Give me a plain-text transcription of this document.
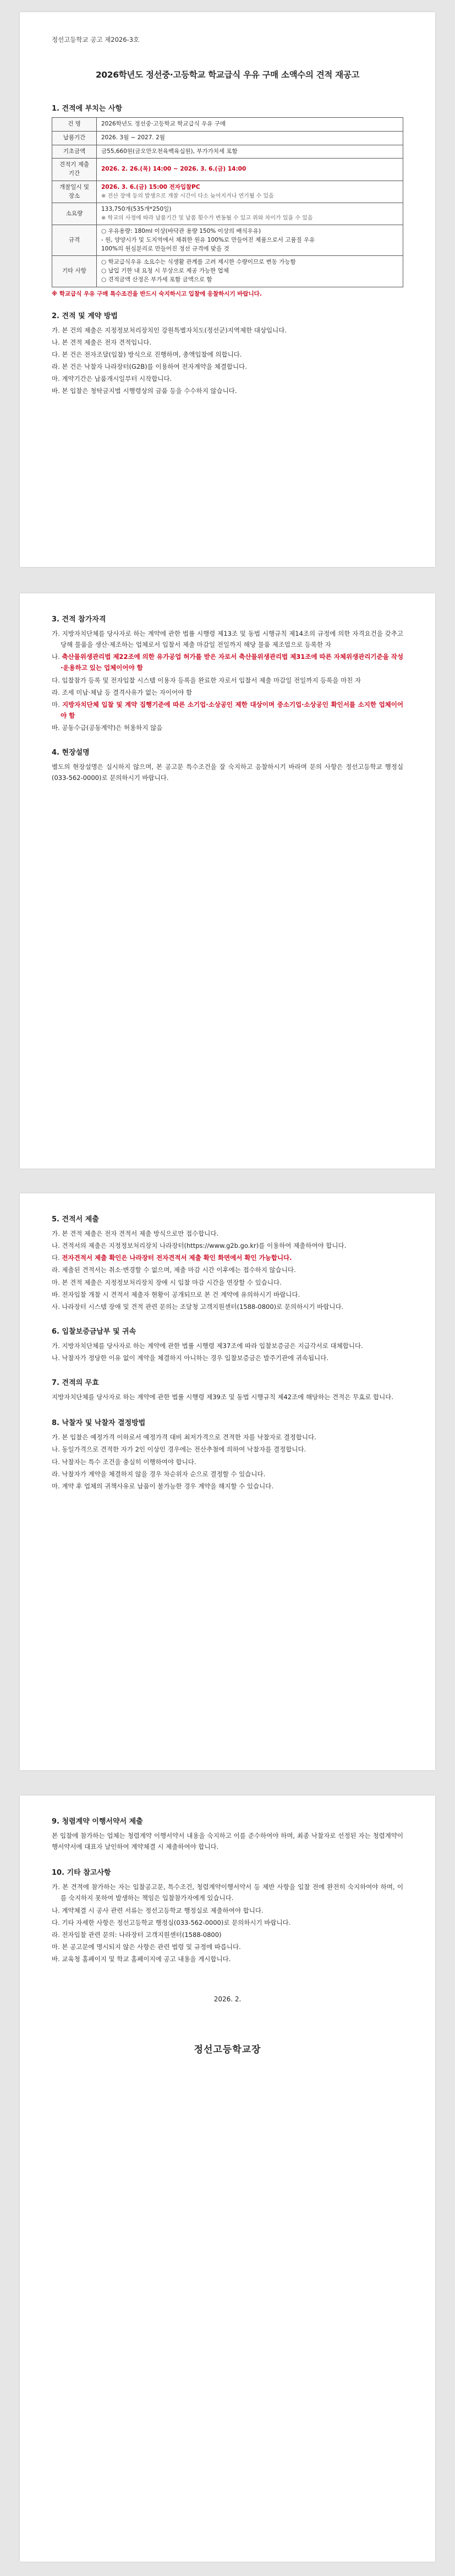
정선고등학교 공고 제2026-3호
2026학년도 정선중·고등학교 학교급식 우유 구매 소액수의 견적 재공고
1. 견적에 부치는 사항
건 명	2026학년도 정선중·고등학교 학교급식 우유 구매
납품기간	2026. 3월 ~ 2027. 2월
기초금액	금55,660원(금오만오천육백육십원), 부가가치세 포함
견적기 제출기간	2026. 2. 26.(목) 14:00 ~ 2026. 3. 6.(금) 14:00
개찰일시 및 장소	2026. 3. 6.(금) 15:00 전자입찰PC
※ 전산 장애 등의 발생으로 개찰 시간이 다소 늦어지거나 연기될 수 있음

소요량	133,750개(535개*250일)
※ 학교의 사정에 따라 납품기간 및 납품 횟수가 변동될 수 있고 위와 차이가 있을 수 있음

규격	○ 우유용량: 180ml 이상(바닥관 용량 150% 이상의 배식우유)
- 원, 양양시가 및 도지역에서 채취한 원유 100%로 만들어진 제품으로서 고품질 우유
100%의 원심분리로 만들어진 정선 규격에 맞을 것

기타 사항	○ 학교급식우유 소요수는 식생활 관계를 고려 제시한 수량이므로 변동 가능함
○ 납입 기한 내 요청 시 무상으로 제공 가능한 업체
○ 견적금액 산정은 부가세 포함 금액으로 함
※ 학교급식 우유 구매 특수조건을 반드시 숙지하시고 입찰에 응찰하시기 바랍니다.
2. 견적 및 계약 방법
가. 본 건의 제출은 지정정보처리장치인 강원특별자치도(정선군)지역제한 대상입니다.
나. 본 견적 제출은 전자 견적입니다.
다. 본 건은 전자조달(입찰) 방식으로 진행하며, 총액입찰에 의합니다.
라. 본 건은 낙찰자 나라장터(G2B)를 이용하여 전자계약을 체결합니다.
마. 계약기간은 납품개시일부터 시작합니다.
바. 본 입찰은 청탁금지법 시행령상의 금품 등을 수수하지 않습니다.
3. 견적 참가자격
가. 지방자치단체를 당사자로 하는 계약에 관한 법률 시행령 제13조 및 동법 시행규칙 제14조의 규정에 의한 자격요건을 갖추고 당해 물품을 생산·제조하는 업체로서 입찰서 제출 마감일 전일까지 해당 물품 제조업으로 등록한 자
나. 축산물위생관리법 제22조에 의한 유가공업 허가를 받은 자로서 축산물위생관리법 제31조에 따른 자체위생관리기준을 작성·운용하고 있는 업체이어야 함
다. 입찰참가 등록 및 전자입찰 시스템 이용자 등록을 완료한 자로서 입찰서 제출 마감일 전일까지 등록을 마친 자
라. 조세 미납·체납 등 결격사유가 없는 자이어야 함
마. 지방자치단체 입찰 및 계약 집행기준에 따른 소기업·소상공인 제한 대상이며 중소기업·소상공인 확인서를 소지한 업체이어야 함
바. 공동수급(공동계약)은 허용하지 않음
4. 현장설명
별도의 현장설명은 실시하지 않으며, 본 공고문 특수조건을 잘 숙지하고 응찰하시기 바라며 문의 사항은 정선고등학교 행정실(033-562-0000)로 문의하시기 바랍니다.
5. 견적서 제출
가. 본 견적 제출은 전자 견적서 제출 방식으로만 접수합니다.
나. 견적서의 제출은 지정정보처리장치 나라장터(https://www.g2b.go.kr)를 이용하여 제출하여야 합니다.
다. 전자견적서 제출 확인은 나라장터 전자견적서 제출 확인 화면에서 확인 가능합니다.
라. 제출된 견적서는 취소·변경할 수 없으며, 제출 마감 시간 이후에는 접수하지 않습니다.
마. 본 견적 제출은 지정정보처리장치 장애 시 입찰 마감 시간을 연장할 수 있습니다.
바. 전자입찰 개찰 시 견적서 제출자 현황이 공개되므로 본 건 계약에 유의하시기 바랍니다.
사. 나라장터 시스템 장애 및 견적 관련 문의는 조달청 고객지원센터(1588-0800)로 문의하시기 바랍니다.
6. 입찰보증금납부 및 귀속
가. 지방자치단체를 당사자로 하는 계약에 관한 법률 시행령 제37조에 따라 입찰보증금은 지급각서로 대체합니다.
나. 낙찰자가 정당한 이유 없이 계약을 체결하지 아니하는 경우 입찰보증금은 발주기관에 귀속됩니다.
7. 견적의 무효
지방자치단체를 당사자로 하는 계약에 관한 법률 시행령 제39조 및 동법 시행규칙 제42조에 해당하는 견적은 무효로 합니다.
8. 낙찰자 및 낙찰자 결정방법
가. 본 입찰은 예정가격 이하로서 예정가격 대비 최저가격으로 견적한 자를 낙찰자로 결정합니다.
나. 동일가격으로 견적한 자가 2인 이상인 경우에는 전산추첨에 의하여 낙찰자를 결정합니다.
다. 낙찰자는 특수 조건을 충실히 이행하여야 합니다.
라. 낙찰자가 계약을 체결하지 않을 경우 차순위자 순으로 결정할 수 있습니다.
마. 계약 후 업체의 귀책사유로 납품이 불가능한 경우 계약을 해지할 수 있습니다.
9. 청렴계약 이행서약서 제출
본 입찰에 참가하는 업체는 청렴계약 이행서약서 내용을 숙지하고 이를 준수하여야 하며, 최종 낙찰자로 선정된 자는 청렴계약이행서약서에 대표자 날인하여 계약체결 시 제출하여야 합니다.
10. 기타 참고사항
가. 본 견적에 참가하는 자는 입찰공고문, 특수조건, 청렴계약이행서약서 등 제반 사항을 입찰 전에 완전히 숙지하여야 하며, 이를 숙지하지 못하여 발생하는 책임은 입찰참가자에게 있습니다.
나. 계약체결 시 공사 관련 서류는 정선고등학교 행정실로 제출하여야 합니다.
다. 기타 자세한 사항은 정선고등학교 행정실(033-562-0000)로 문의하시기 바랍니다.
라. 전자입찰 관련 문의: 나라장터 고객지원센터(1588-0800)
마. 본 공고문에 명시되지 않은 사항은 관련 법령 및 규정에 따릅니다.
바. 교육청 홈페이지 및 학교 홈페이지에 공고 내용을 게시합니다.
2026. 2.
정선고등학교장
